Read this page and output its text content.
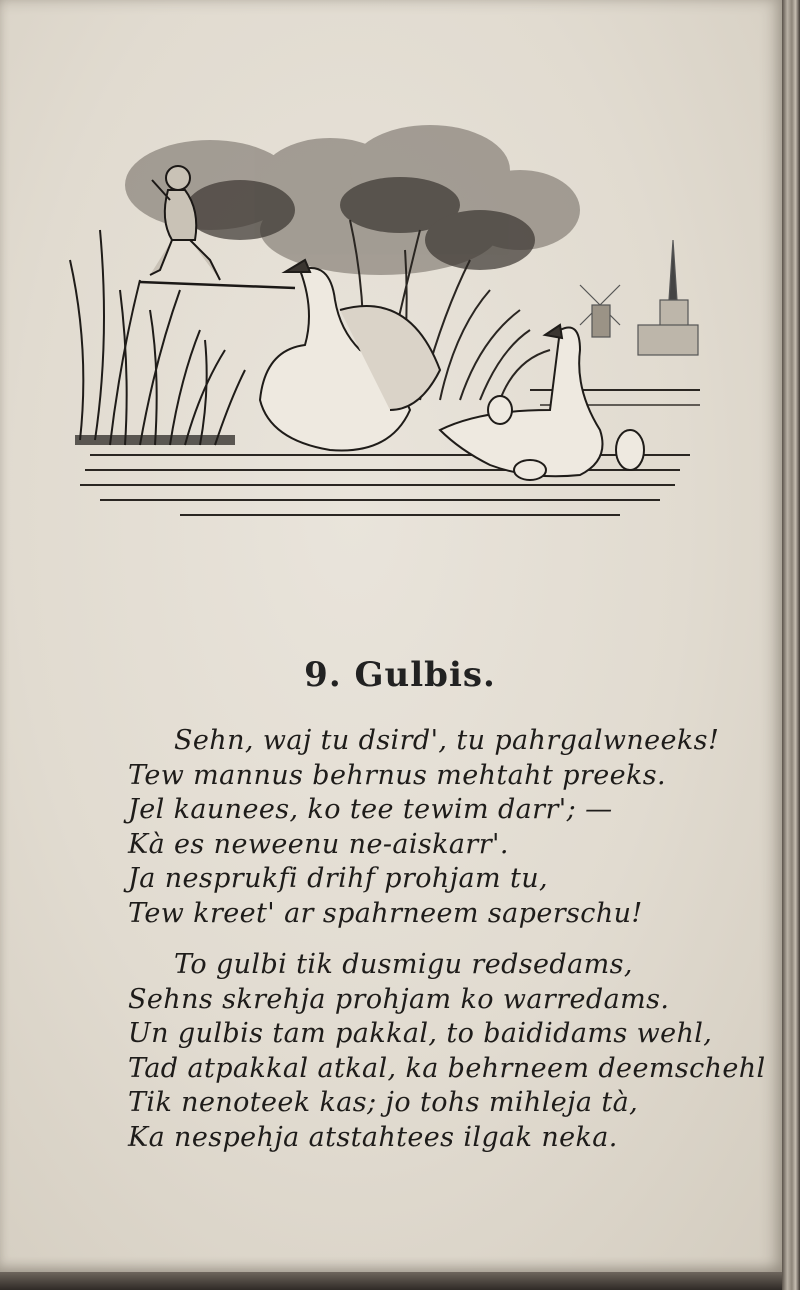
9. Gulbis.
Sehn, waj tu dsird', tu pahrgalwneeks!
Tew mannus behrnus mehtaht preeks.
Jel kaunees, ko tee tewim darr'; —
Kà es neweenu ne-aiskarr'.
Ja nesprukfi drihf prohjam tu,
Tew kreet' ar spahrneem saperschu!
To gulbi tik dusmigu redsedams,
Sehns skrehja prohjam ko warredams.
Un gulbis tam pakkal, to baididams wehl,
Tad atpakkal atkal, ka behrneem deemschehl
Tik nenoteek kas; jo tohs mihleja tà,
Ka nespehja atstahtees ilgak neka.
